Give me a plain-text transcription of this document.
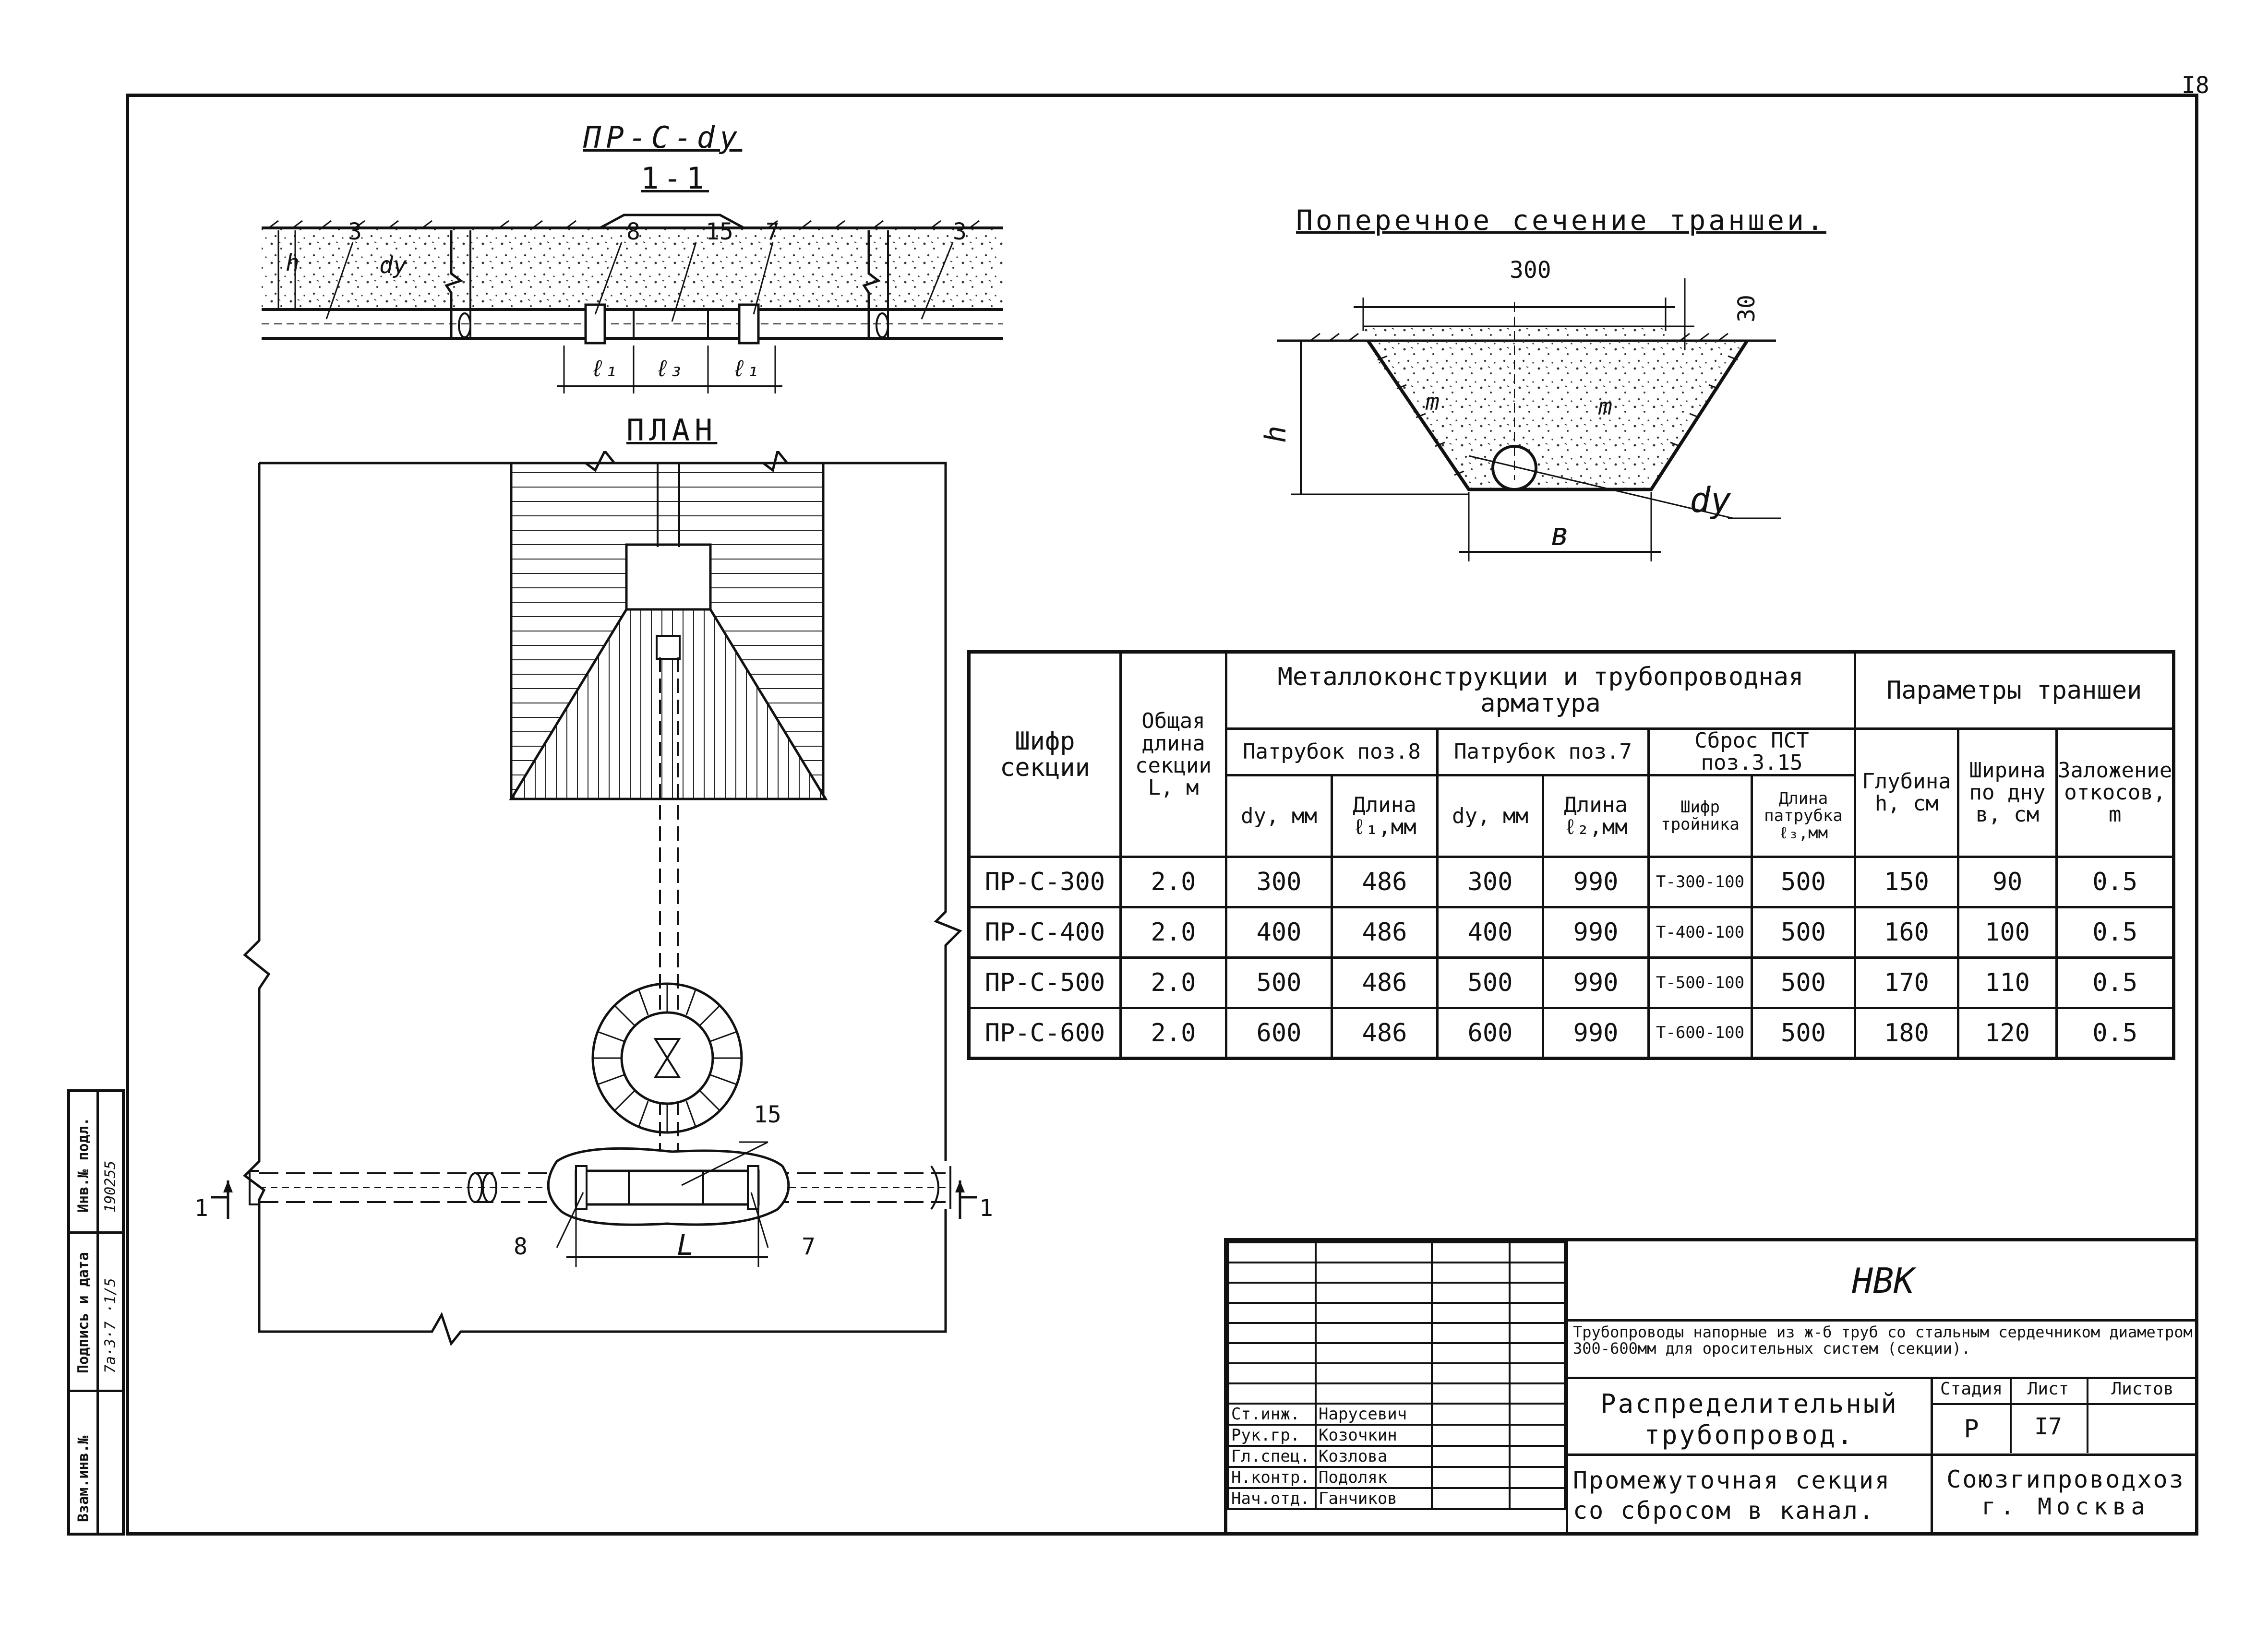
I8
Инв.№ подл.
Подпись и дата
Взам.инв.№
190255
7a·3·7 ·1/5
ПР-С-dу
1-1
h	dу
3	8	15 7	3
ℓ₁ ℓ₃ ℓ₁
ПЛАН
15
8	7
L
1	1
Поперечное сечение траншеи.
300
30
h
m	m
в
dу
Шифр секции	Общая длина секции L, м	Металлоконструкции и трубопроводная арматура						Параметры траншеи		
		Патрубок поз.8		Патрубок поз.7		Сброс ПСТ поз.3.15		Глубина h, см	Ширина по дну в, см	Заложение откосов, m
		dу, мм	Длина ℓ₁,мм	dу, мм	Длина ℓ₂,мм	Шифр тройника	Длина патрубка ℓ₃,мм			
ПР-С-300	2.0	300	486	300	990	Т-300-100	500	150	90	0.5
ПР-С-400	2.0	400	486	400	990	Т-400-100	500	160	100	0.5
ПР-С-500	2.0	500	486	500	990	Т-500-100	500	170	110	0.5
ПР-С-600	2.0	600	486	600	990	Т-600-100	500	180	120	0.5

Ст.инж.	Нарусевич		
Рук.гр.	Козочкин		
Гл.спец.	Козлова		
Н.контр.	Подоляк		
Нач.отд.	Ганчиков		
НВК
Трубопроводы напорные из ж-б труб со стальным сердечником диаметром 300-600мм для оросительных систем (секции).
Распределительный трубопровод.
Промежуточная секция со сбросом в канал.
Стадия	Лист	Листов
Р	I7
Союзгипроводхоз
г. Москва
